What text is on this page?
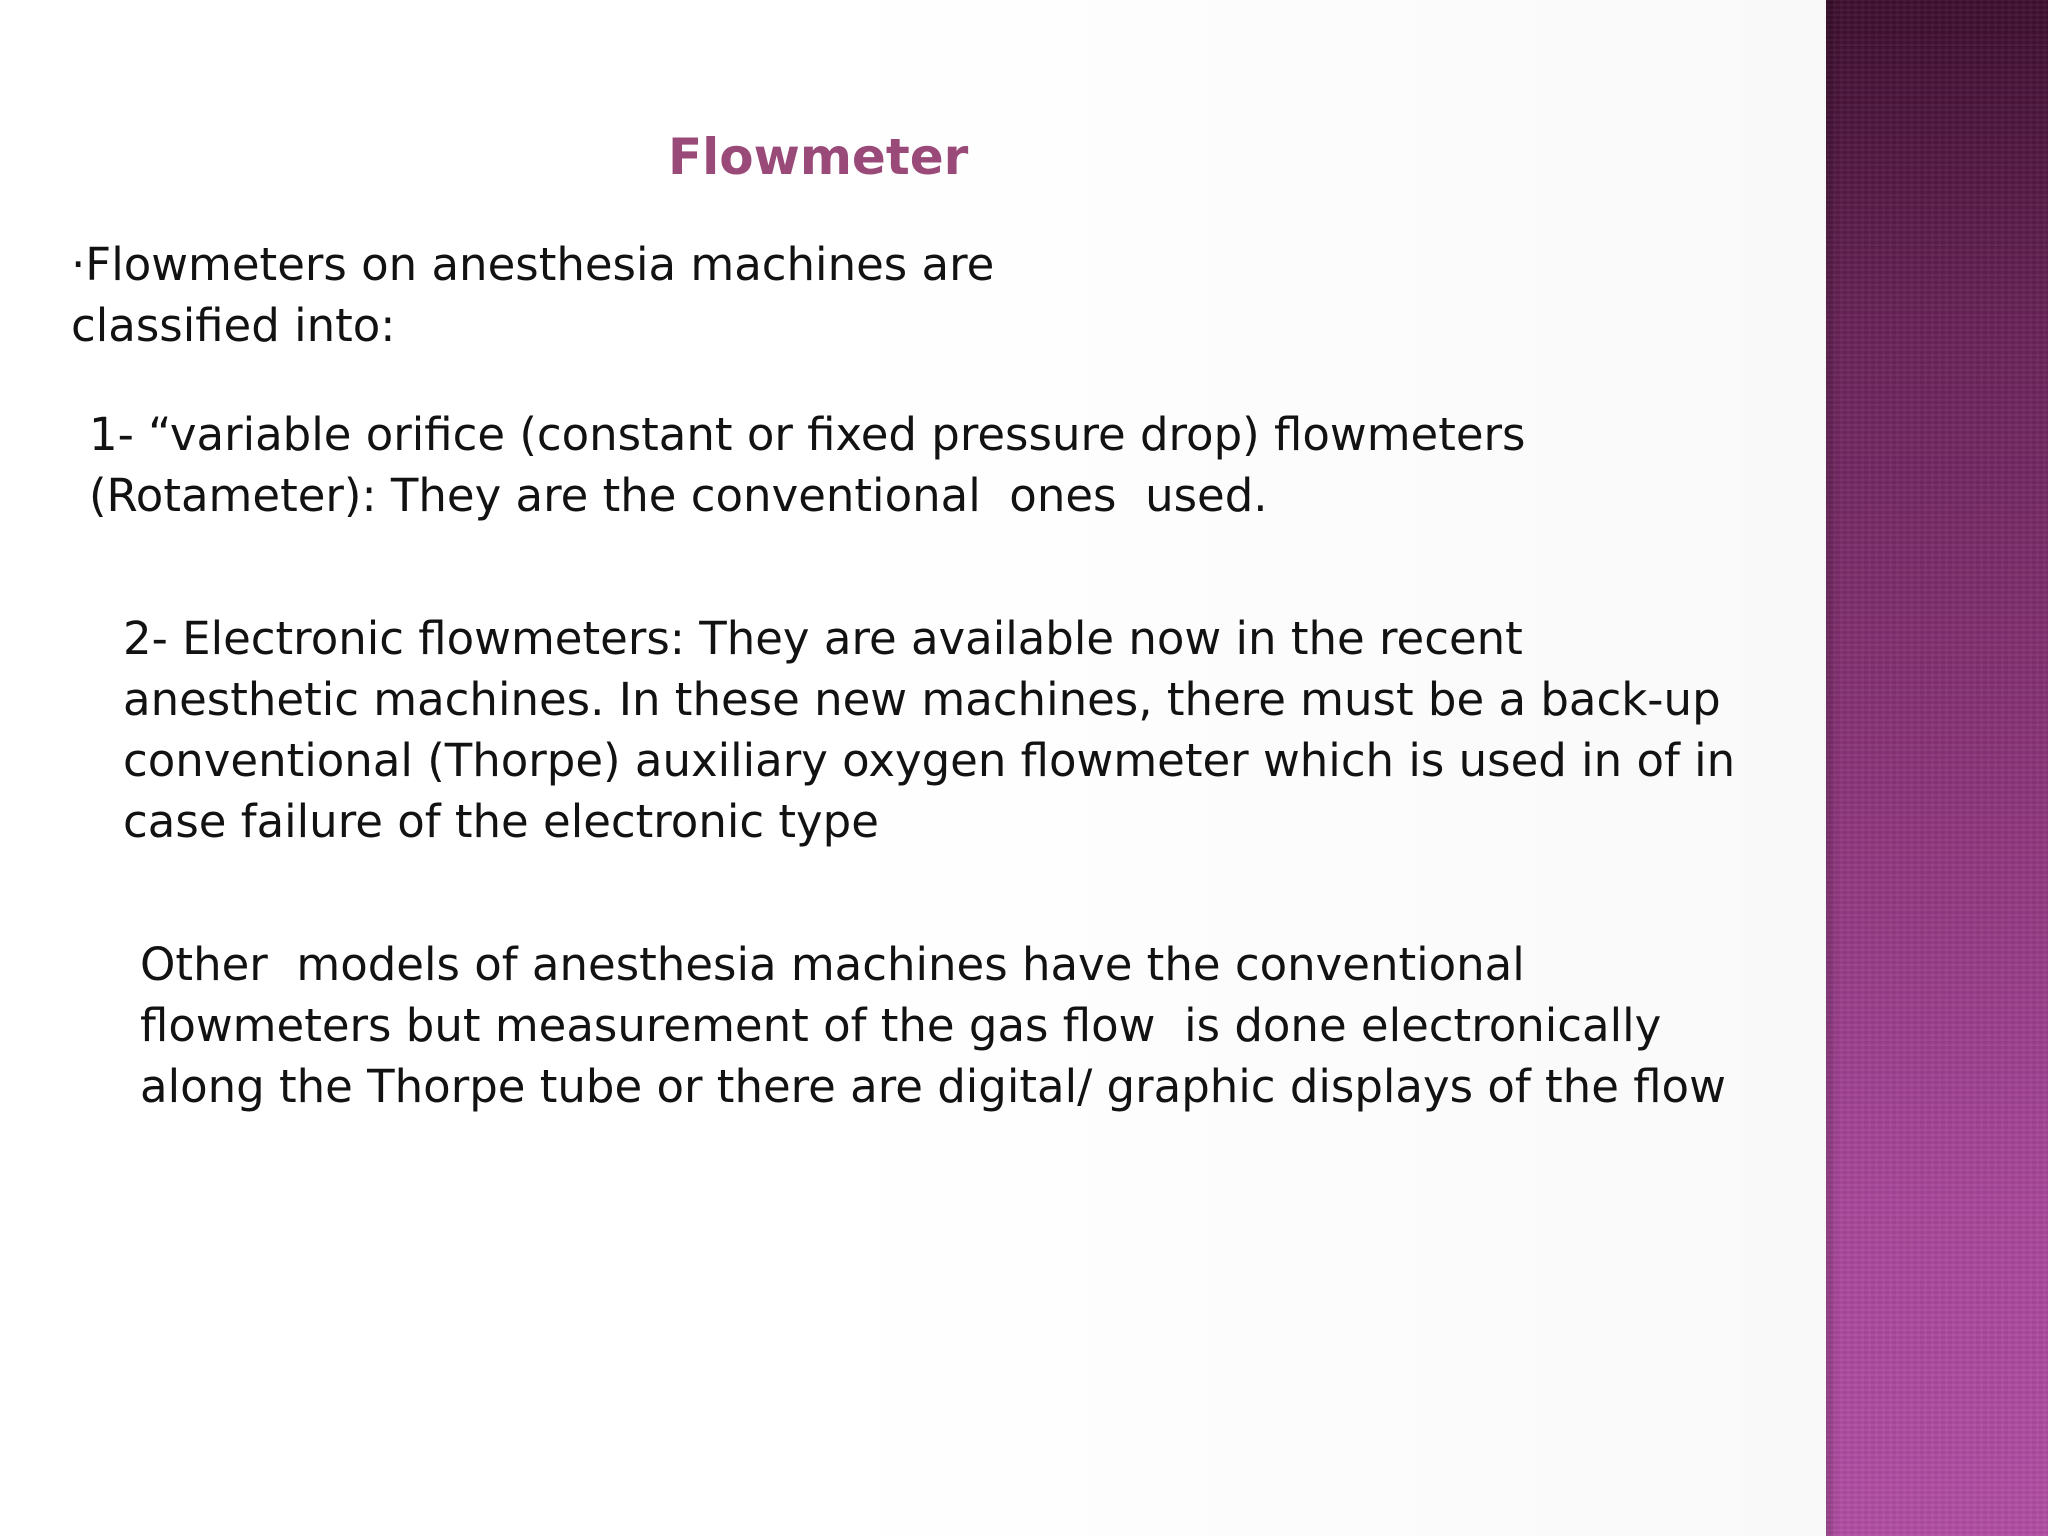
Flowmeter
·Flowmeters on anesthesia machines are
classified into:
1- “variable orifice (constant or fixed pressure drop) flowmeters
(Rotameter): They are the conventional  ones  used.
2- Electronic flowmeters: They are available now in the recent
anesthetic machines. In these new machines, there must be a back-up
conventional (Thorpe) auxiliary oxygen flowmeter which is used in of in
case failure of the electronic type
Other  models of anesthesia machines have the conventional
flowmeters but measurement of the gas flow  is done electronically
along the Thorpe tube or there are digital/ graphic displays of the flow
